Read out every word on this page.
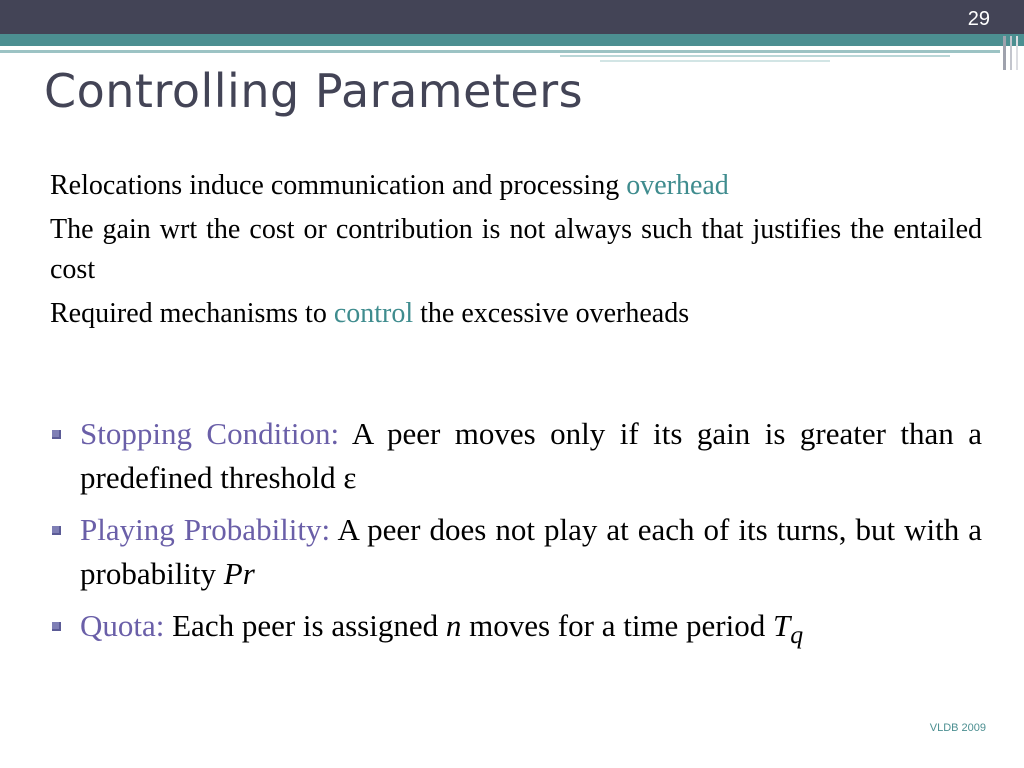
29
Controlling Parameters

Relocations induce communication and processing overhead

The gain wrt the cost or contribution is not always such that justifies the entailed cost

Required mechanisms to control the excessive overheads

Stopping Condition: A peer moves only if its gain is greater than a predefined threshold ε
Playing Probability: A peer does not play at each of its turns, but with a probability Pr
Quota: Each peer is assigned n moves for a time period $T_q$
VLDB 2009
